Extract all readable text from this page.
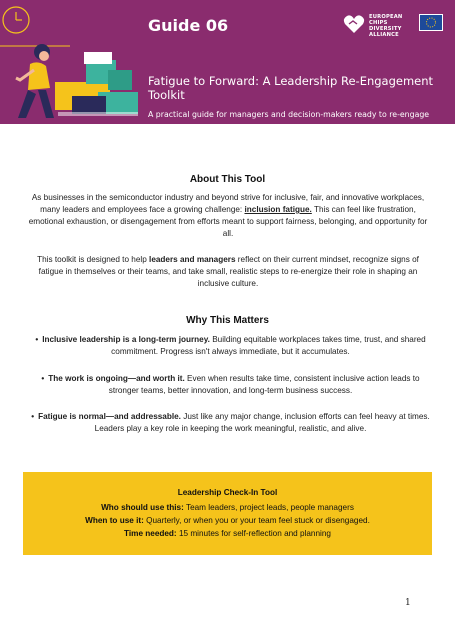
Guide 06	EUROPEAN
CHIPS
DIVERSITY
ALLIANCE
Fatigue to Forward: A Leadership Re-Engagement Toolkit
A practical guide for managers and decision-makers ready to re-engage
About This Tool
As businesses in the semiconductor industry and beyond strive for inclusive, fair, and innovative workplaces, many leaders and employees face a growing challenge: inclusion fatigue. This can feel like frustration, emotional exhaustion, or disengagement from efforts meant to support fairness, belonging, and opportunity for all.
This toolkit is designed to help leaders and managers reflect on their current mindset, recognize signs of fatigue in themselves or their teams, and take small, realistic steps to re-energize their role in shaping an inclusive culture.
Why This Matters
• Inclusive leadership is a long-term journey. Building equitable workplaces takes time, trust, and shared commitment. Progress isn't always immediate, but it accumulates.
• The work is ongoing—and worth it. Even when results take time, consistent inclusive action leads to stronger teams, better innovation, and long-term business success.
• Fatigue is normal—and addressable. Just like any major change, inclusion efforts can feel heavy at times. Leaders play a key role in keeping the work meaningful, realistic, and alive.
Leadership Check-In Tool
Who should use this: Team leaders, project leads, people managers
When to use it: Quarterly, or when you or your team feel stuck or disengaged.
Time needed: 15 minutes for self-reflection and planning
1
